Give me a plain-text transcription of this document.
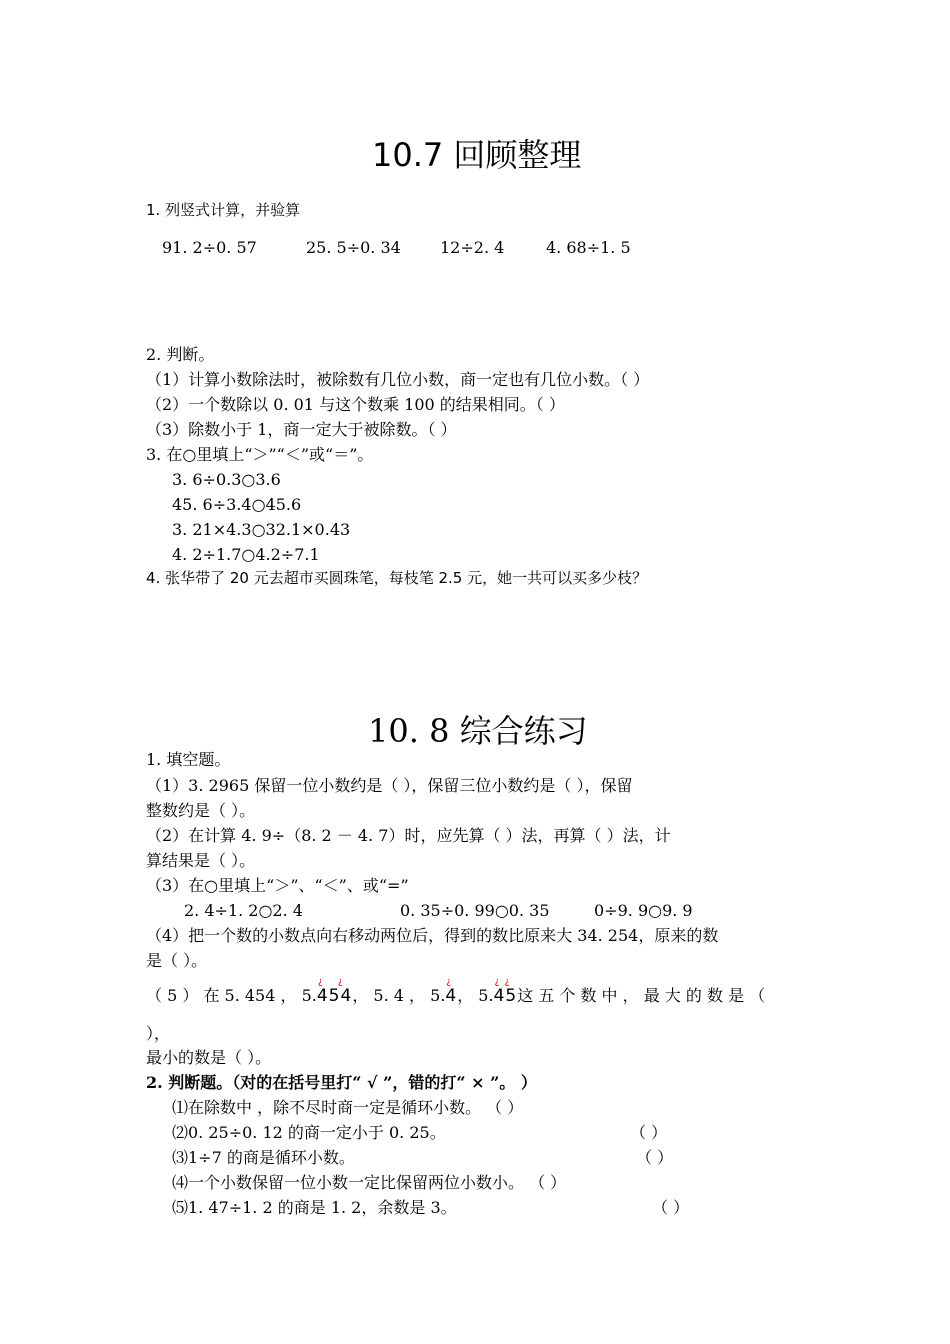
10.7 回顾整理
1. 列竖式计算，并验算
91. 2÷0. 57	25. 5÷0. 34 12÷2. 4	4. 68÷1. 5
2. 判断。
（1）计算小数除法时，被除数有几位小数，商一定也有几位小数。（ ）
（2）一个数除以 0. 01 与这个数乘 100 的结果相同。（ ）
（3）除数小于 1，商一定大于被除数。（ ）
3. 在○里填上“＞”“＜”或“＝”。
3. 6÷0.3○3.6
45. 6÷3.4○45.6
3. 21×4.3○32.1×0.43
4. 2÷1.7○4.2÷7.1
4. 张华带了 20 元去超市买圆珠笔，每枝笔 2.5 元，她一共可以买多少枝？
10. 8 综合练习
1. 填空题。
（1）3. 2965 保留一位小数约是（ ），保留三位小数约是（ ），保留
整数约是（ ）。
（2）在计算 4. 9÷（8. 2 － 4. 7）时，应先算（ ）法，再算（ ）法，计
算结果是（ ）。
（3）在○里填上“＞”、“＜”、或“=”
2. 4÷1. 2○2. 4	0. 35÷0. 99○0. 35	0÷9. 9○9. 9
（4）把一个数的小数点向右移动两位后，得到的数比原来大 34. 254，原来的数
是（ ）。
（ 5 ） 在 5. 454 ， 5.
¿ ¿
454， 5. 4 ， 5.
¿
4， 5.
¿ ¿
45这 五 个 数 中 ， 最 大 的 数 是 （
），
最小的数是（ ）。
2. 判断题。（对的在括号里打“ √ ”，错的打“ × ”。 ）
⑴在除数中 ，除不尽时商一定是循环小数。 （ ）
⑵0. 25÷0. 12 的商一定小于 0. 25。	（ ）
⑶1÷7 的商是循环小数。	（ ）
⑷一个小数保留一位小数一定比保留两位小数小。 （ ）
⑸1. 47÷1. 2 的商是 1. 2，余数是 3。	（ ）
